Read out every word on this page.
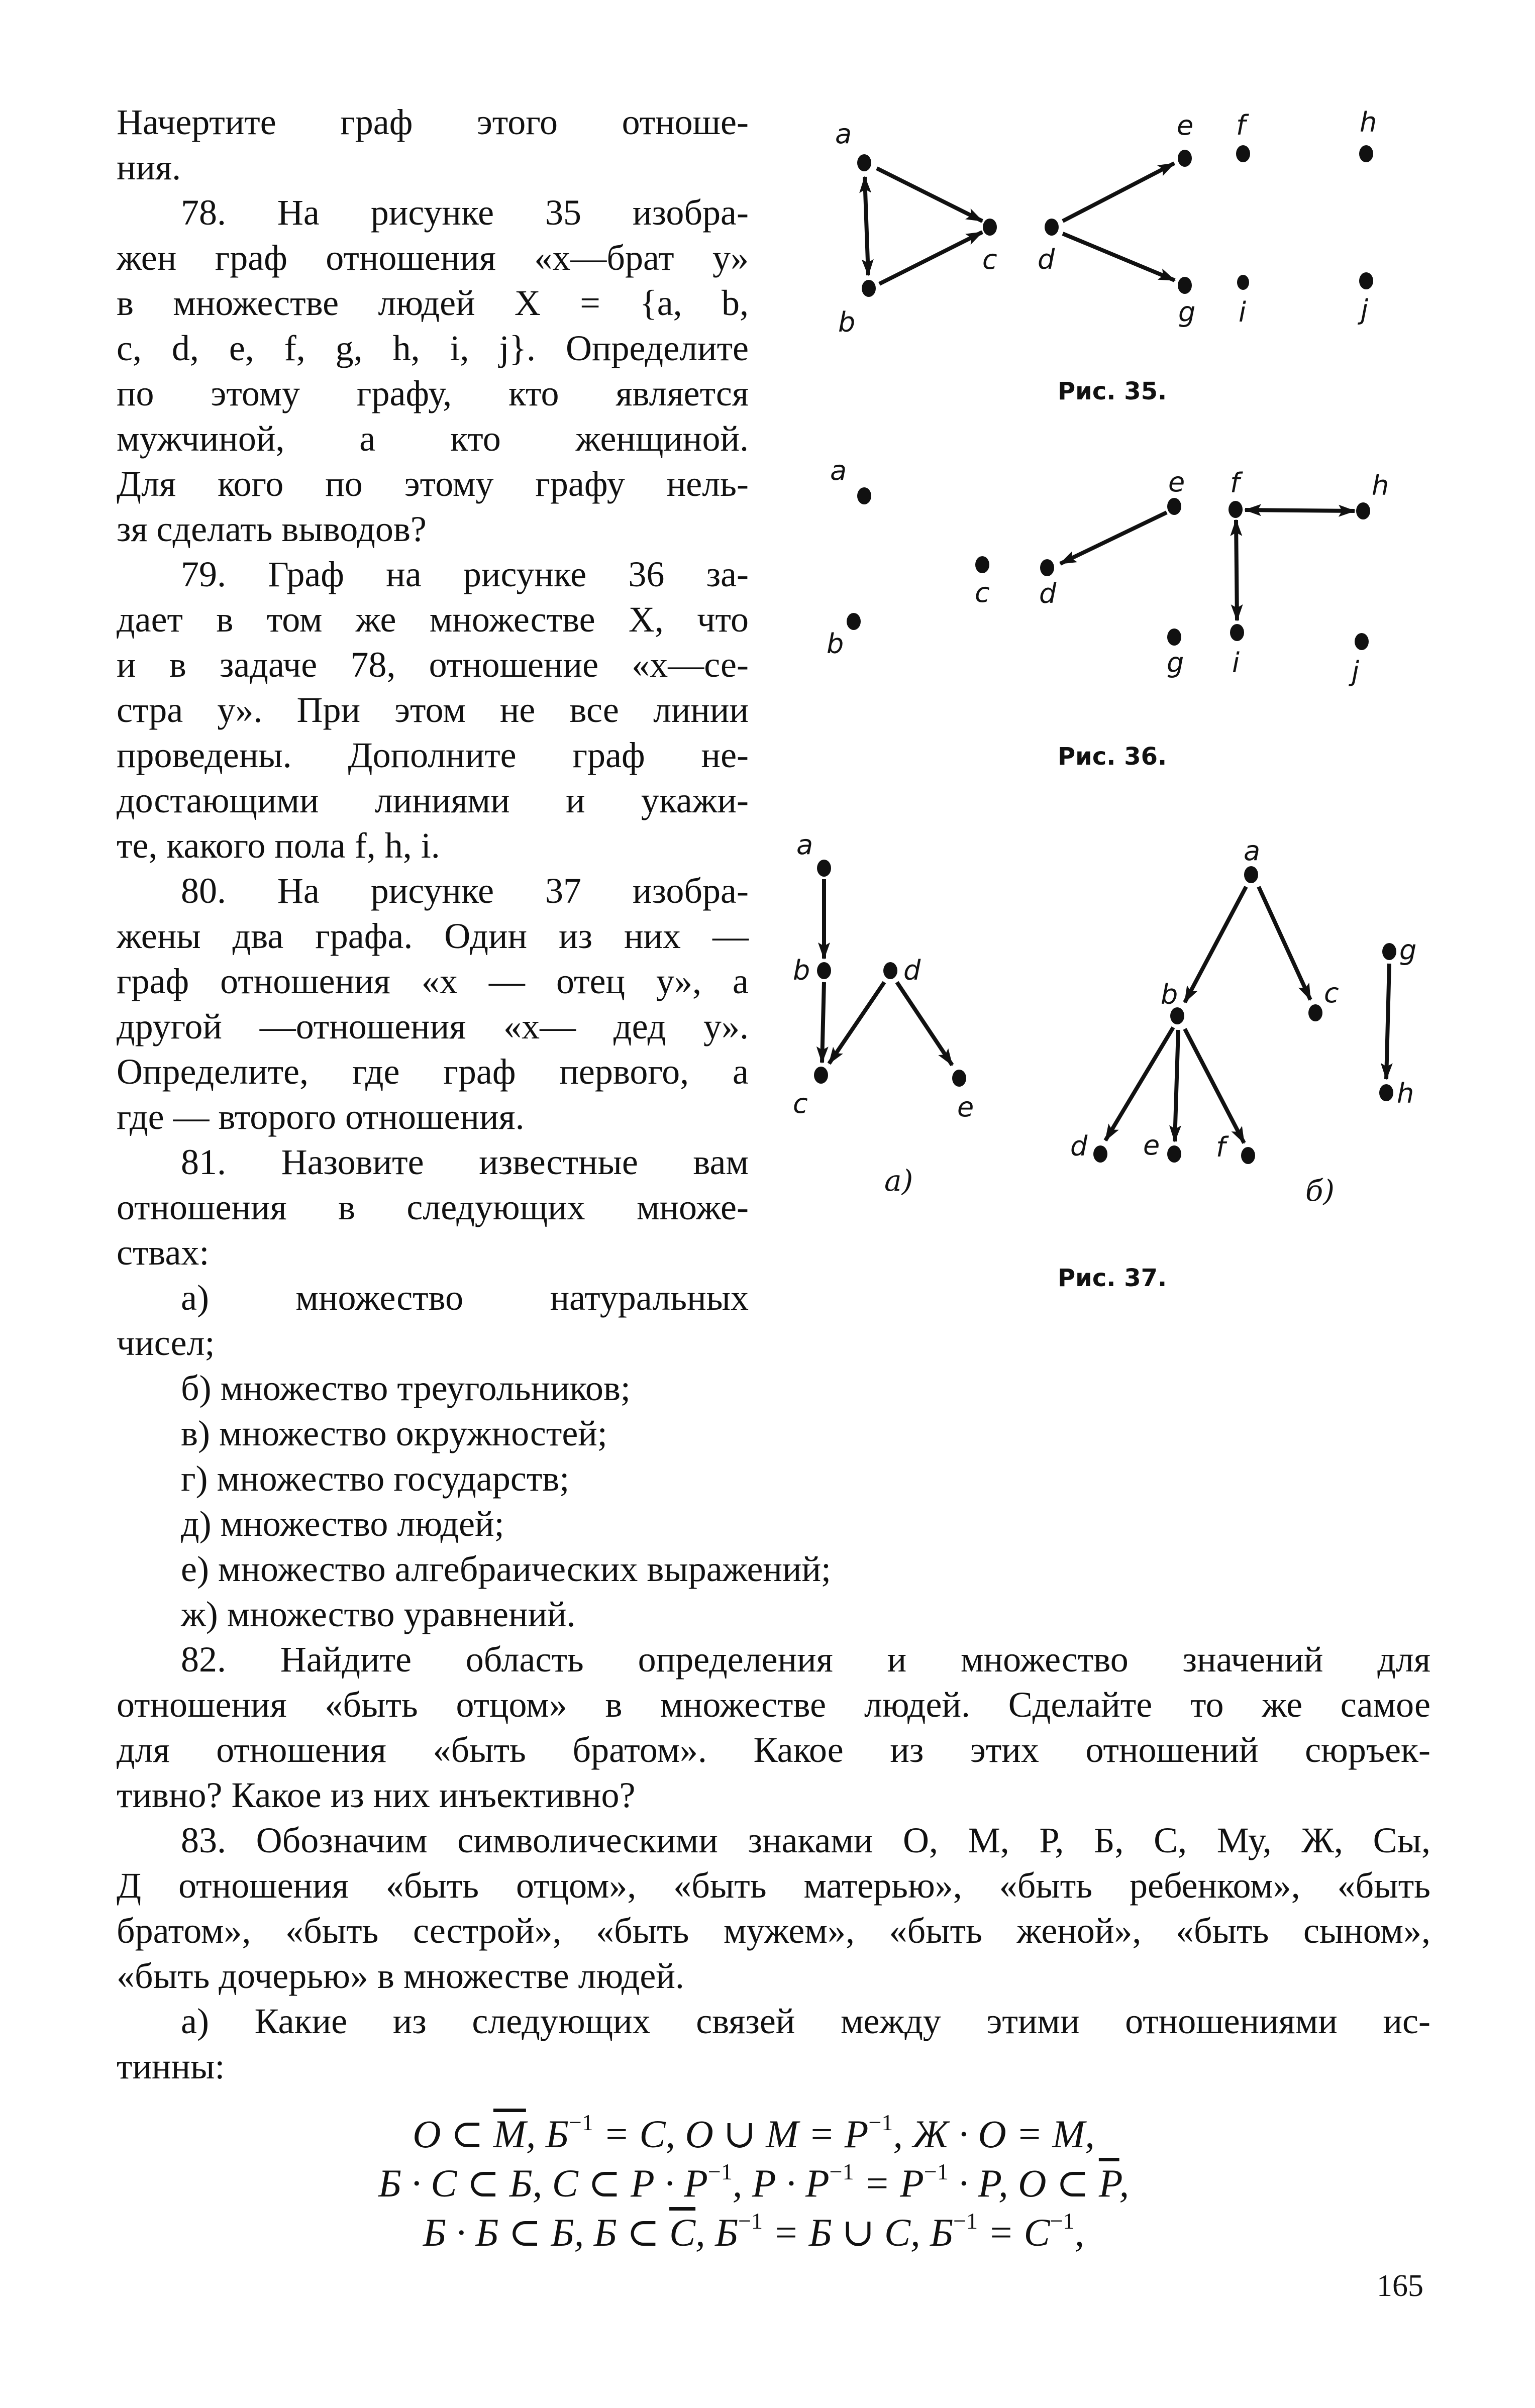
Начертите граф этого отноше-
ния.
78. На рисунке 35 изобра-
жен граф отношения «x—брат y»
в множестве людей X = {a, b,
c, d, e, f, g, h, i, j}. Определите
по этому графу, кто является
мужчиной, а кто женщиной.
Для кого по этому графу нель-
зя сделать выводов?
79. Граф на рисунке 36 за-
дает в том же множестве X, что
и в задаче 78, отношение «x—се-
стра y». При этом не все линии
проведены. Дополните граф не-
достающими линиями и укажи-
те, какого пола f, h, i.
80. На рисунке 37 изобра-
жены два графа. Один из них —
граф отношения «x — отец y», а
другой —отношения «x— дед y».
Определите, где граф первого, а
где — второго отношения.
81. Назовите известные вам
отношения в следующих множе-
ствах:
а) множество натуральных
чисел;
б) множество треугольников;
в) множество окружностей;
г) множество государств;
д) множество людей;
е) множество алгебраических выражений;
ж) множество уравнений.
82. Найдите область определения и множество значений для
отношения «быть отцом» в множестве людей. Сделайте то же самое
для отношения «быть братом». Какое из этих отношений сюръек-
тивно? Какое из них инъективно?
83. Обозначим символическими знаками О, М, Р, Б, С, Му, Ж, Сы,
Д отношения «быть отцом», «быть матерью», «быть ребенком», «быть
братом», «быть сестрой», «быть мужем», «быть женой», «быть сыном»,
«быть дочерью» в множестве людей.
а) Какие из следующих связей между этими отношениями ис-
тинны:
О ⊂ М, $Б^{-1} = С$, О ∪ $М = Р^{-1}$, Ж · О = М,
Б · С ⊂ Б, С ⊂ $Р \cdot Р^{-1}$, $Р \cdot Р^{-1} = Р^{-1} \cdot Р$, О ⊂ Р,
Б · Б ⊂ Б, Б ⊂ С, $Б^{-1} = Б$ ∪ С, $Б^{-1} = С^{-1}$,
165
a
b
c d
e f	h
g i	j
Рис. 35.
a
b
c d
e f	h
g i	j
Рис. 36.
a
b
c
d
e
а)
a
b	c
d e f
g
h
б)
Рис. 37.
